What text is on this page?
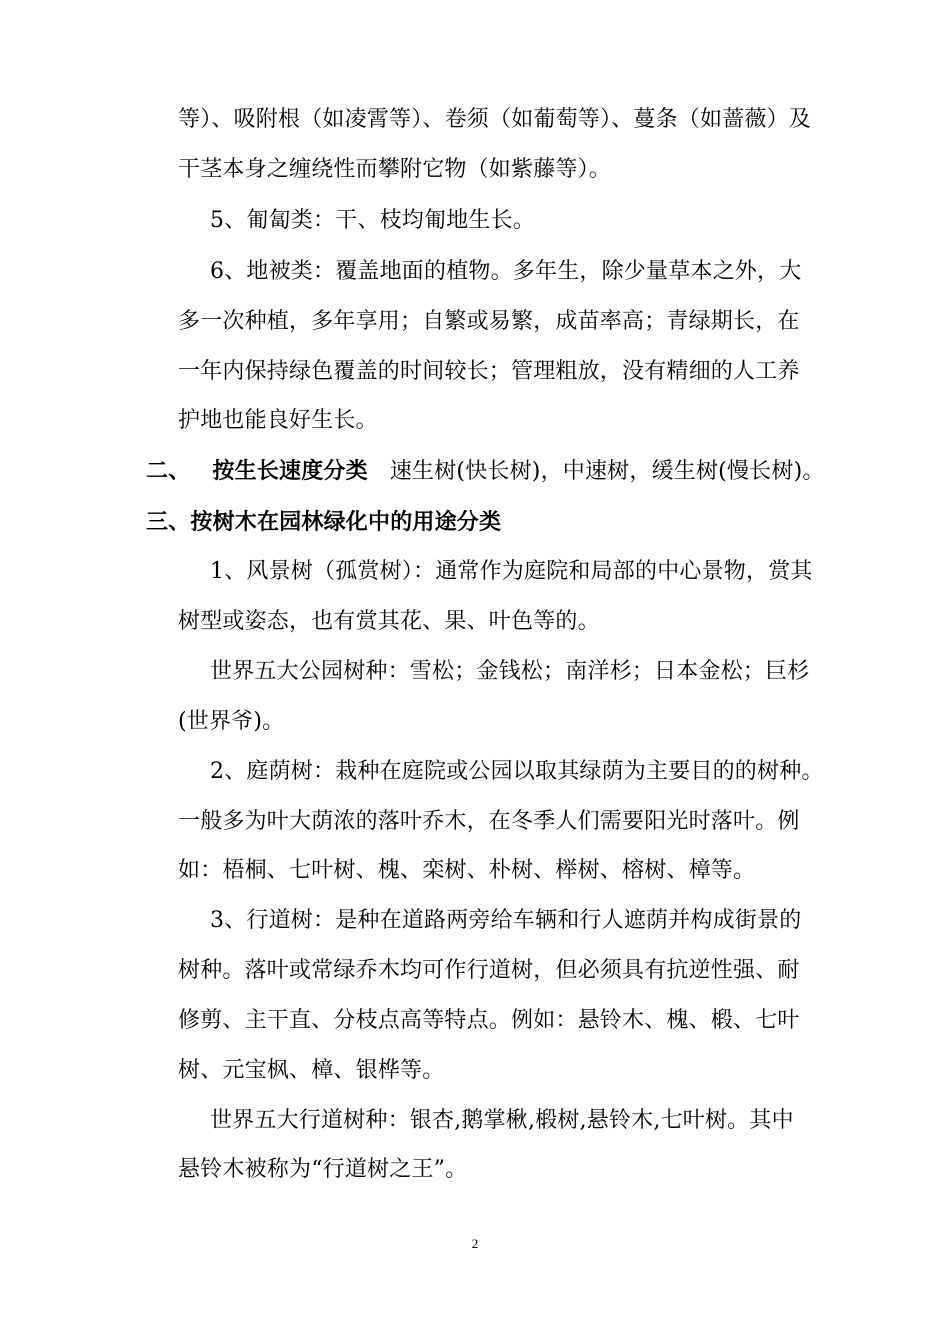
等）、吸附根（如凌霄等）、卷须（如葡萄等）、蔓条（如蔷薇）及
干茎本身之缠绕性而攀附它物（如紫藤等）。
5、匍匐类：干、枝均匍地生长。
6、地被类：覆盖地面的植物。多年生，除少量草本之外，大
多一次种植，多年享用；自繁或易繁，成苗率高；青绿期长，在
一年内保持绿色覆盖的时间较长；管理粗放，没有精细的人工养
护地也能良好生长。
二、 按生长速度分类 速生树(快长树)，中速树，缓生树(慢长树)。
三、按树木在园林绿化中的用途分类
1、风景树（孤赏树）：通常作为庭院和局部的中心景物，赏其
树型或姿态，也有赏其花、果、叶色等的。
世界五大公园树种：雪松；金钱松；南洋杉；日本金松；巨杉
(世界爷)。
2、庭荫树：栽种在庭院或公园以取其绿荫为主要目的的树种。
一般多为叶大荫浓的落叶乔木，在冬季人们需要阳光时落叶。例
如：梧桐、七叶树、槐、栾树、朴树、榉树、榕树、樟等。
3、行道树：是种在道路两旁给车辆和行人遮荫并构成街景的
树种。落叶或常绿乔木均可作行道树，但必须具有抗逆性强、耐
修剪、主干直、分枝点高等特点。例如：悬铃木、槐、椴、七叶
树、元宝枫、樟、银桦等。
世界五大行道树种：银杏,鹅掌楸,椴树,悬铃木,七叶树。其中
悬铃木被称为“行道树之王”。
2
